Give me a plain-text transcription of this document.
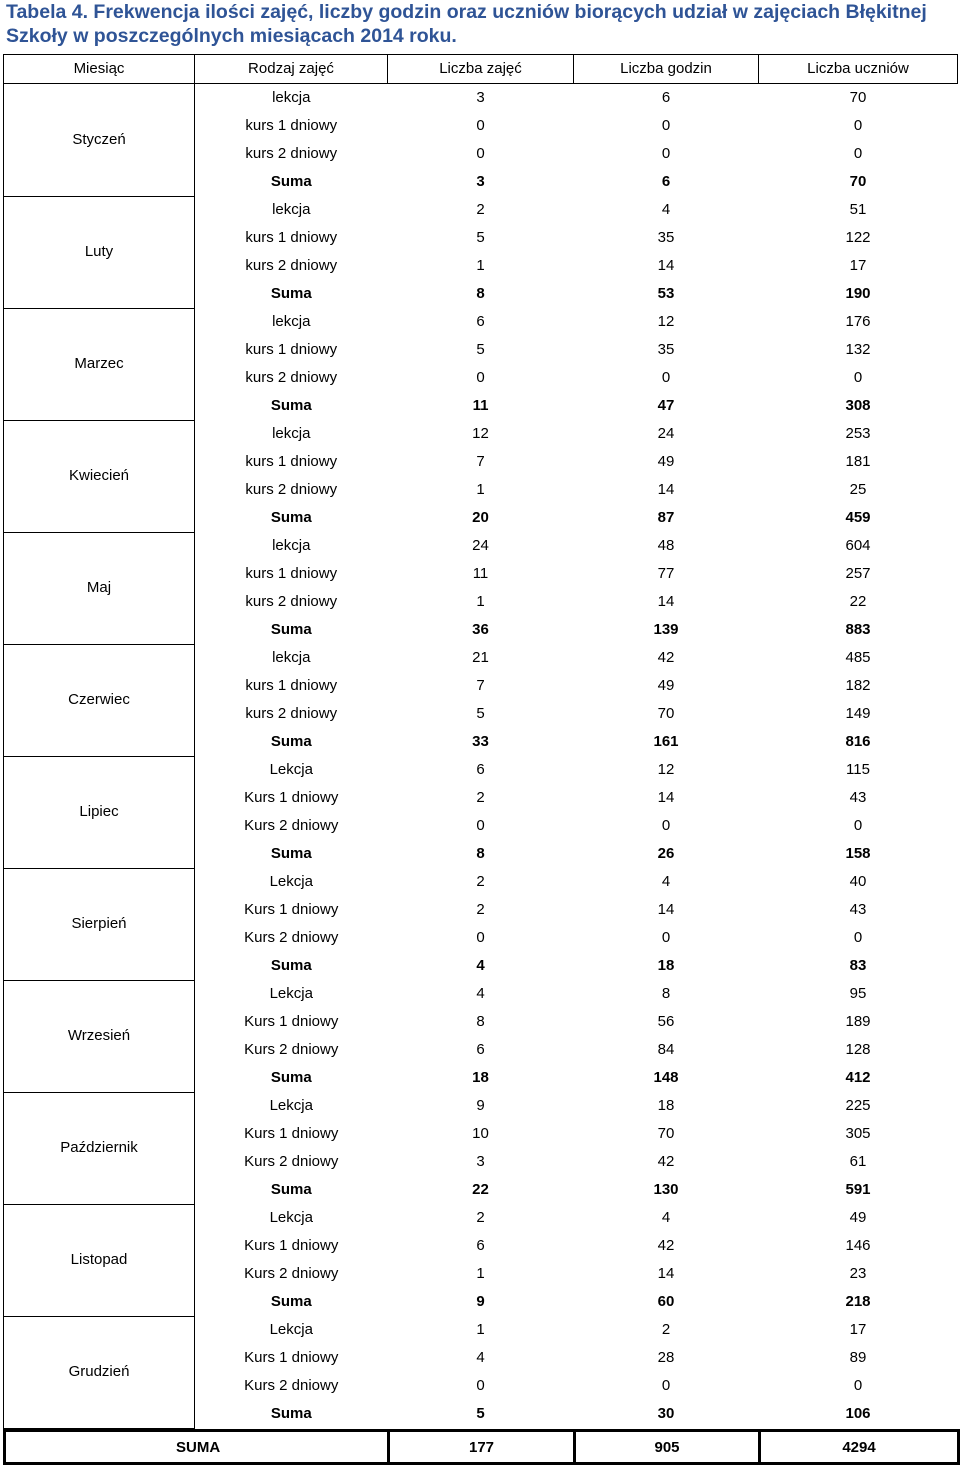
Tabela 4. Frekwencja ilości zajęć, liczby godzin oraz uczniów biorących udział w zajęciach Błękitnej Szkoły w poszczególnych miesiącach 2014 roku.
Miesiąc	Rodzaj zajęć	Liczba zajęć	Liczba godzin	Liczba uczniów
Styczeń	lekcja	3	6	70
	kurs 1 dniowy	0	0	0
	kurs 2 dniowy	0	0	0
	Suma	3	6	70
Luty	lekcja	2	4	51
	kurs 1 dniowy	5	35	122
	kurs 2 dniowy	1	14	17
	Suma	8	53	190
Marzec	lekcja	6	12	176
	kurs 1 dniowy	5	35	132
	kurs 2 dniowy	0	0	0
	Suma	11	47	308
Kwiecień	lekcja	12	24	253
	kurs 1 dniowy	7	49	181
	kurs 2 dniowy	1	14	25
	Suma	20	87	459
Maj	lekcja	24	48	604
	kurs 1 dniowy	11	77	257
	kurs 2 dniowy	1	14	22
	Suma	36	139	883
Czerwiec	lekcja	21	42	485
	kurs 1 dniowy	7	49	182
	kurs 2 dniowy	5	70	149
	Suma	33	161	816
Lipiec	Lekcja	6	12	115
	Kurs 1 dniowy	2	14	43
	Kurs 2 dniowy	0	0	0
	Suma	8	26	158
Sierpień	Lekcja	2	4	40
	Kurs 1 dniowy	2	14	43
	Kurs 2 dniowy	0	0	0
	Suma	4	18	83
Wrzesień	Lekcja	4	8	95
	Kurs 1 dniowy	8	56	189
	Kurs 2 dniowy	6	84	128
	Suma	18	148	412
Październik	Lekcja	9	18	225
	Kurs 1 dniowy	10	70	305
	Kurs 2 dniowy	3	42	61
	Suma	22	130	591
Listopad	Lekcja	2	4	49
	Kurs 1 dniowy	6	42	146
	Kurs 2 dniowy	1	14	23
	Suma	9	60	218
Grudzień	Lekcja	1	2	17
	Kurs 1 dniowy	4	28	89
	Kurs 2 dniowy	0	0	0
	Suma	5	30	106
SUMA	177	905	4294
